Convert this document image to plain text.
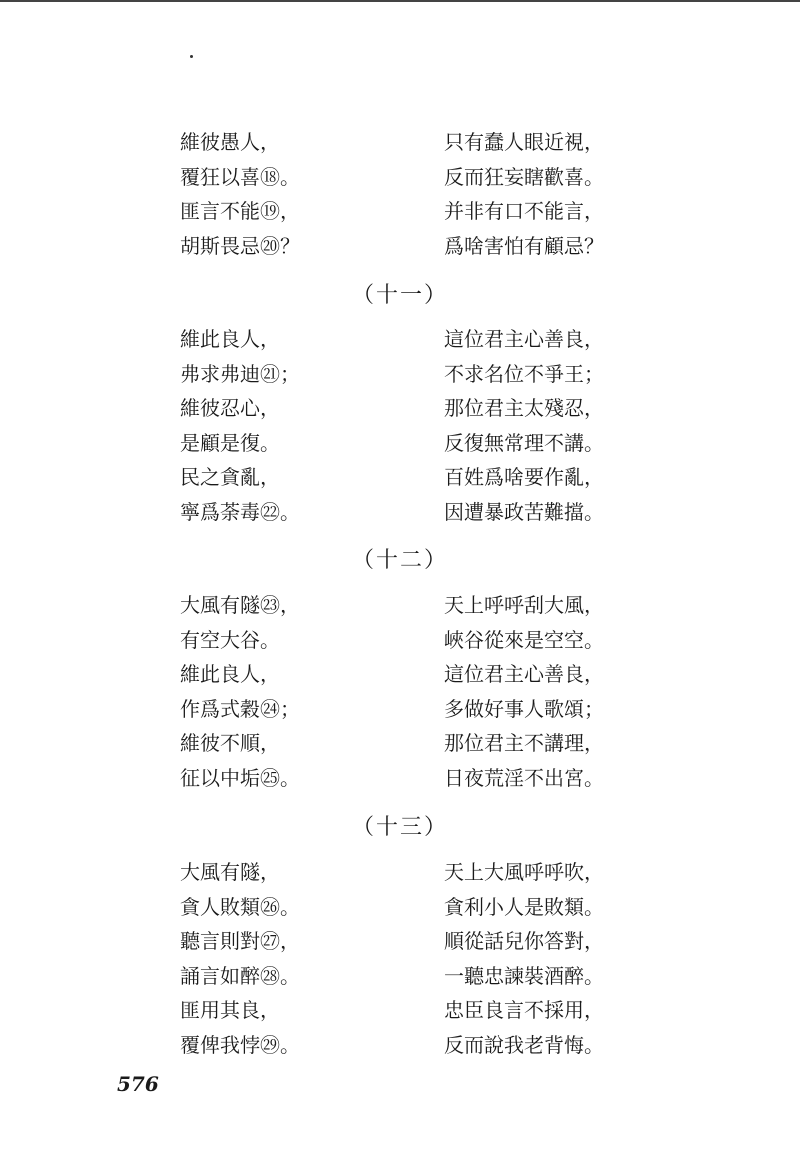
維彼愚人，	只有蠢人眼近視，
覆狂以喜⑱。	反而狂妄瞎歡喜。
匪言不能⑲，	并非有口不能言，
胡斯畏忌⑳？	爲啥害怕有顧忌？
（十一）
維此良人，	這位君主心善良，
弗求弗迪㉑；	不求名位不爭王；
維彼忍心，	那位君主太殘忍，
是顧是復。	反復無常理不講。
民之貪亂，	百姓爲啥要作亂，
寧爲荼毒㉒。	因遭暴政苦難擋。
（十二）
大風有隧㉓，	天上呼呼刮大風，
有空大谷。	峽谷從來是空空。
維此良人，	這位君主心善良，
作爲式穀㉔；	多做好事人歌頌；
維彼不順，	那位君主不講理，
征以中垢㉕。	日夜荒淫不出宮。
（十三）
大風有隧，	天上大風呼呼吹，
貪人敗類㉖。	貪利小人是敗類。
聽言則對㉗，	順從話兒你答對，
誦言如醉㉘。	一聽忠諫裝酒醉。
匪用其良，	忠臣良言不採用，
覆俾我悖㉙。	反而說我老背悔。
576
